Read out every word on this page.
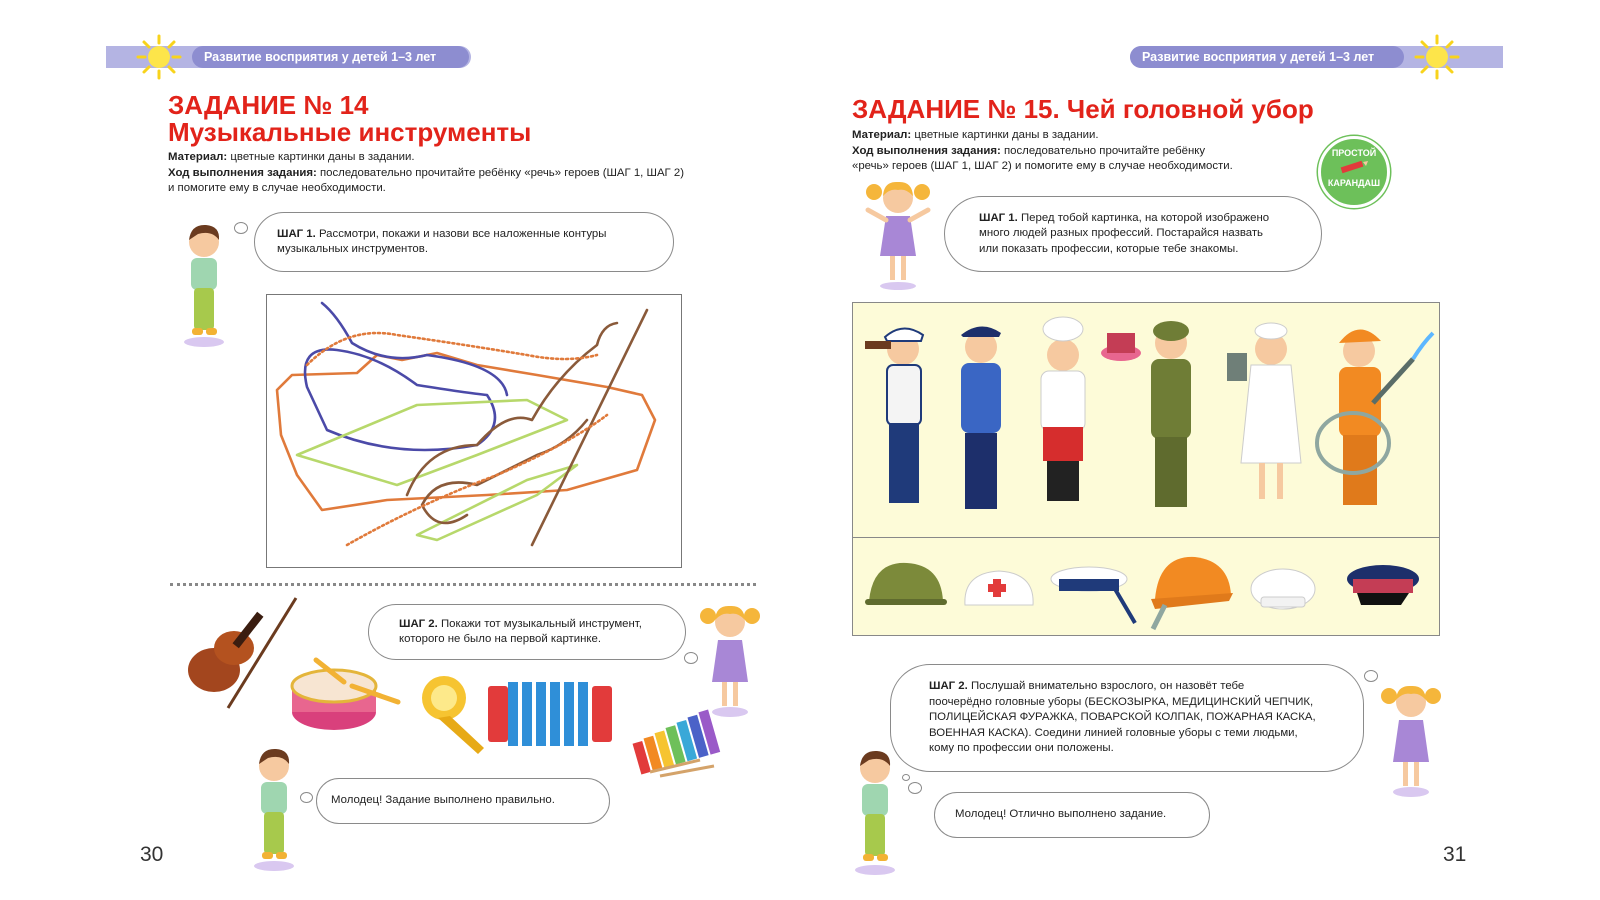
Развитие восприятия у детей 1–3 лет	Развитие восприятия у детей 1–3 лет
ЗАДАНИЕ № 14
Музыкальные инструменты
Материал: цветные картинки даны в задании.
Ход выполнения задания: последовательно прочитайте ребёнку «речь» героев (ШАГ 1, ШАГ 2)
и помогите ему в случае необходимости.
ШАГ 1. Рассмотри, покажи и назови все наложенные контуры
музыкальных инструментов.
ШАГ 2. Покажи тот музыкальный инструмент,
которого не было на первой картинке.
Молодец! Задание выполнено правильно.
30
ЗАДАНИЕ № 15. Чей головной убор
Материал: цветные картинки даны в задании.
Ход выполнения задания: последовательно прочитайте ребёнку
«речь» героев (ШАГ 1, ШАГ 2) и помогите ему в случае необходимости.
ПРОСТОЙ
КАРАНДАШ
ШАГ 1. Перед тобой картинка, на которой изображено
много людей разных профессий. Постарайся назвать
или показать профессии, которые тебе знакомы.
ШАГ 2. Послушай внимательно взрослого, он назовёт тебе
поочерёдно головные уборы (БЕСКОЗЫРКА, МЕДИЦИНСКИЙ ЧЕПЧИК,
ПОЛИЦЕЙСКАЯ ФУРАЖКА, ПОВАРСКОЙ КОЛПАК, ПОЖАРНАЯ КАСКА,
ВОЕННАЯ КАСКА). Соедини линией головные уборы с теми людьми,
кому по профессии они положены.
Молодец! Отлично выполнено задание.
31
